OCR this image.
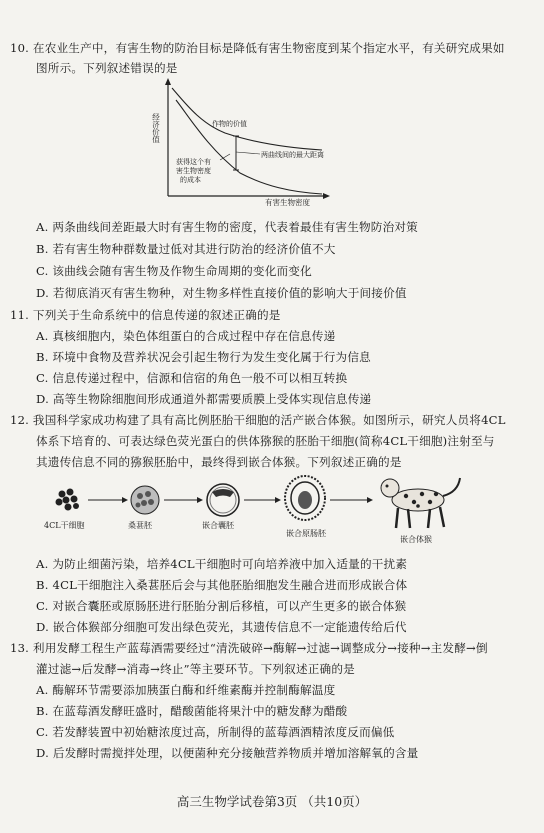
10. 在农业生产中，有害生物的防治目标是降低有害生物密度到某个指定水平，有关研究成果如
图所示。下列叙述错误的是
经济价值
有害生物密度
作物的价值
两曲线间的最大距离
获得这个有
害生物密度
的成本
A. 两条曲线间差距最大时有害生物的密度，代表着最佳有害生物防治对策
B. 若有害生物种群数量过低对其进行防治的经济价值不大
C. 该曲线会随有害生物及作物生命周期的变化而变化
D. 若彻底消灭有害生物种，对生物多样性直接价值的影响大于间接价值
11. 下列关于生命系统中的信息传递的叙述正确的是
A. 真核细胞内，染色体组蛋白的合成过程中存在信息传递
B. 环境中食物及营养状况会引起生物行为发生变化属于行为信息
C. 信息传递过程中，信源和信宿的角色一般不可以相互转换
D. 高等生物除细胞间形成通道外都需要质膜上受体实现信息传递
12. 我国科学家成功构建了具有高比例胚胎干细胞的活产嵌合体猴。如图所示，研究人员将4CL
体系下培育的、可表达绿色荧光蛋白的供体猕猴的胚胎干细胞(简称4CL干细胞)注射至与
其遗传信息不同的猕猴胚胎中，最终得到嵌合体猴。下列叙述正确的是
4CL干细胞	桑葚胚	嵌合囊胚
嵌合原肠胚
嵌合体猴
A. 为防止细菌污染，培养4CL干细胞时可向培养液中加入适量的干扰素
B. 4CL干细胞注入桑葚胚后会与其他胚胎细胞发生融合进而形成嵌合体
C. 对嵌合囊胚或原肠胚进行胚胎分割后移植，可以产生更多的嵌合体猴
D. 嵌合体猴部分细胞可发出绿色荧光，其遗传信息不一定能遗传给后代
13. 利用发酵工程生产蓝莓酒需要经过“清洗破碎→酶解→过滤→调整成分→接种→主发酵→倒
灌过滤→后发酵→消毒→终止”等主要环节。下列叙述正确的是
A. 酶解环节需要添加胰蛋白酶和纤维素酶并控制酶解温度
B. 在蓝莓酒发酵旺盛时，醋酸菌能将果汁中的糖发酵为醋酸
C. 若发酵装置中初始糖浓度过高，所制得的蓝莓酒酒精浓度反而偏低
D. 后发酵时需搅拌处理，以便菌种充分接触营养物质并增加溶解氧的含量
高三生物学试卷第3页 （共10页）
